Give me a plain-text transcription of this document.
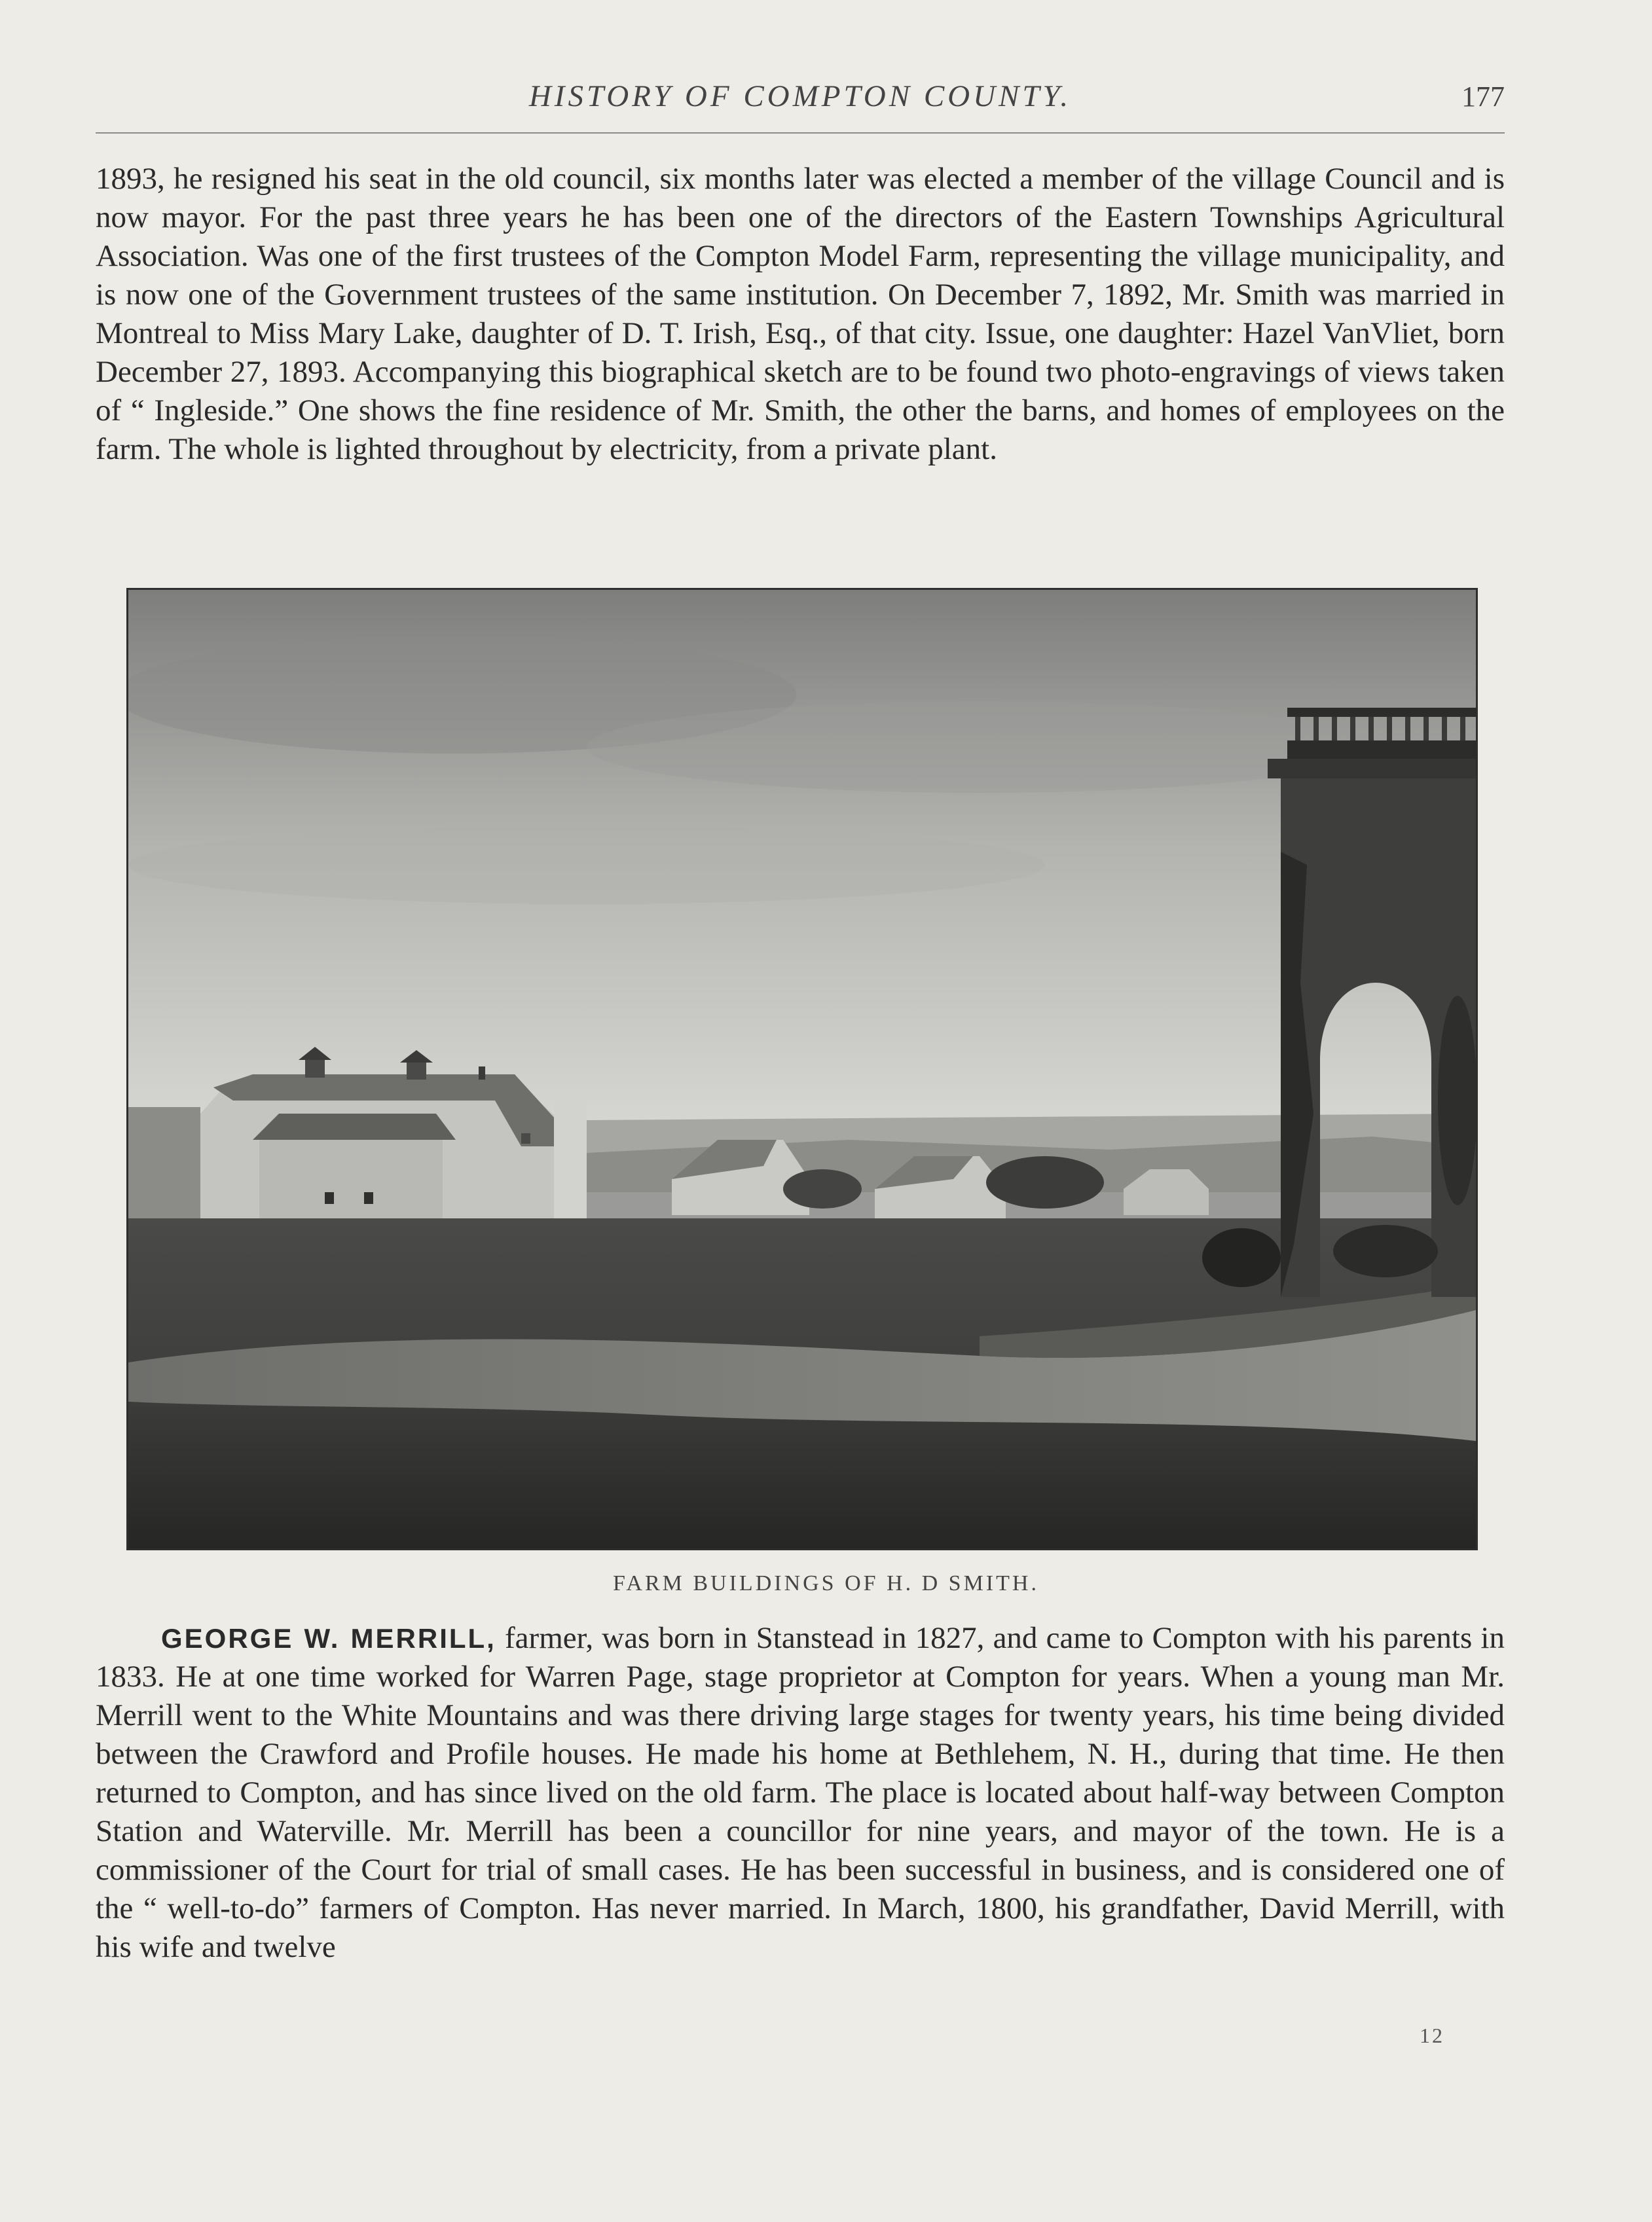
HISTORY OF COMPTON COUNTY.	177

1893, he resigned his seat in the old council, six months later was elected a member of the village Council and is now mayor. For the past three years he has been one of the directors of the Eastern Townships Agricultural Association. Was one of the first trustees of the Compton Model Farm, representing the village municipality, and is now one of the Government trustees of the same institution. On December 7, 1892, Mr. Smith was married in Montreal to Miss Mary Lake, daughter of D. T. Irish, Esq., of that city. Issue, one daughter: Hazel VanVliet, born December 27, 1893. Accompanying this biographical sketch are to be found two photo-engravings of views taken of “ Ingleside.” One shows the fine residence of Mr. Smith, the other the barns, and homes of employees on the farm. The whole is lighted throughout by electricity, from a private plant.

FARM BUILDINGS OF H. D SMITH.

GEORGE W. MERRILL, farmer, was born in Stanstead in 1827, and came to Compton with his parents in 1833. He at one time worked for Warren Page, stage proprietor at Compton for years. When a young man Mr. Merrill went to the White Mountains and was there driving large stages for twenty years, his time being divided between the Crawford and Profile houses. He made his home at Bethlehem, N. H., during that time. He then returned to Compton, and has since lived on the old farm. The place is located about half-way between Compton Station and Waterville. Mr. Merrill has been a councillor for nine years, and mayor of the town. He is a commissioner of the Court for trial of small cases. He has been successful in business, and is considered one of the “ well-to-do” farmers of Compton. Has never married. In March, 1800, his grandfather, David Merrill, with his wife and twelve

12
